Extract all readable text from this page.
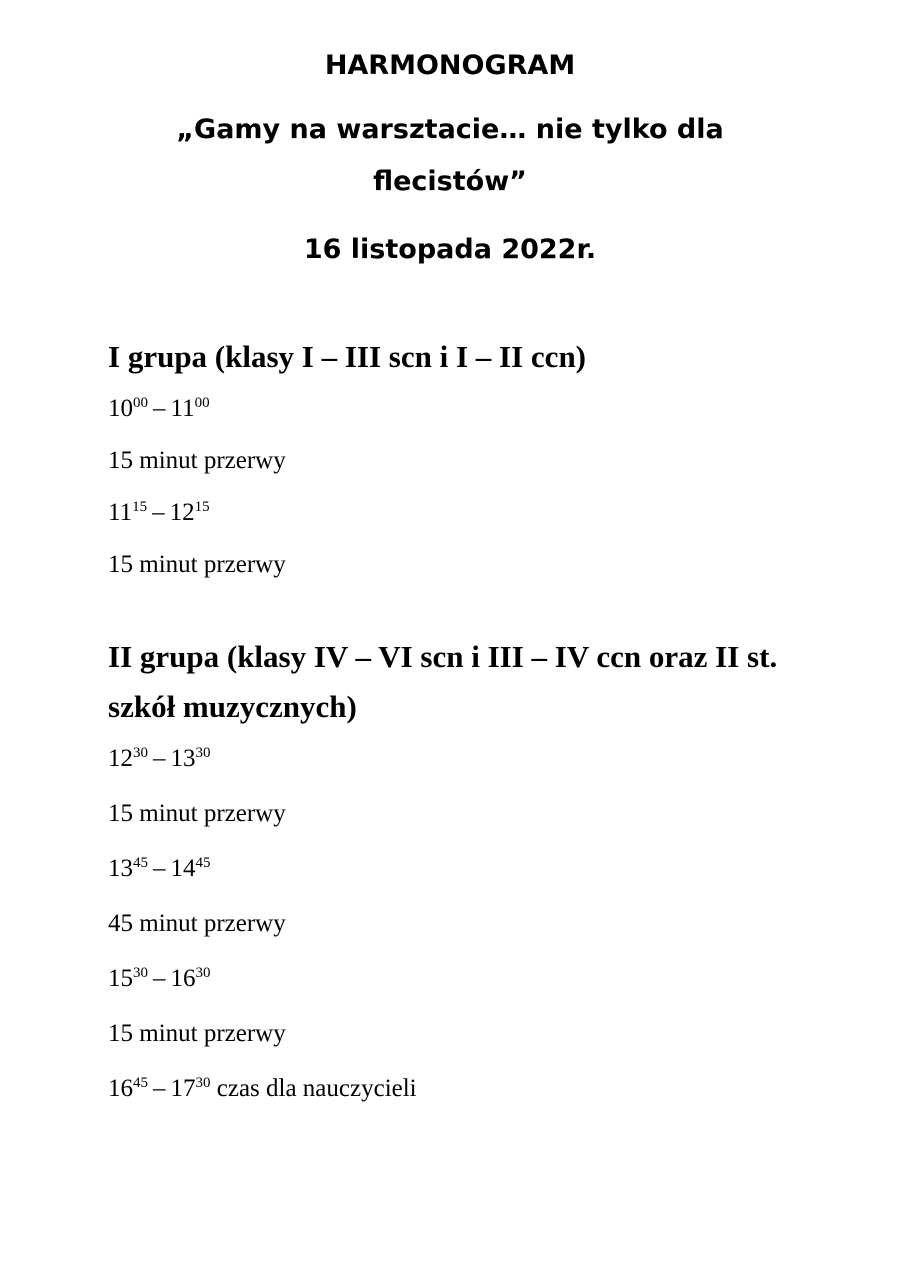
HARMONOGRAM

„Gamy na warsztacie… nie tylko dla flecistów”

16 listopada 2022r.

I grupa (klasy I – III scn i I – II ccn)
$10^{00} - 11^{00}$
15 minut przerwy
$11^{15} - 12^{15}$
15 minut przerwy
II grupa (klasy IV – VI scn i III – IV ccn oraz II st. szkół muzycznych)
$12^{30} - 13^{30}$
15 minut przerwy
$13^{45} - 14^{45}$
45 minut przerwy
$15^{30} - 16^{30}$
15 minut przerwy
$16^{45} - 17^{30}$ czas dla nauczycieli
